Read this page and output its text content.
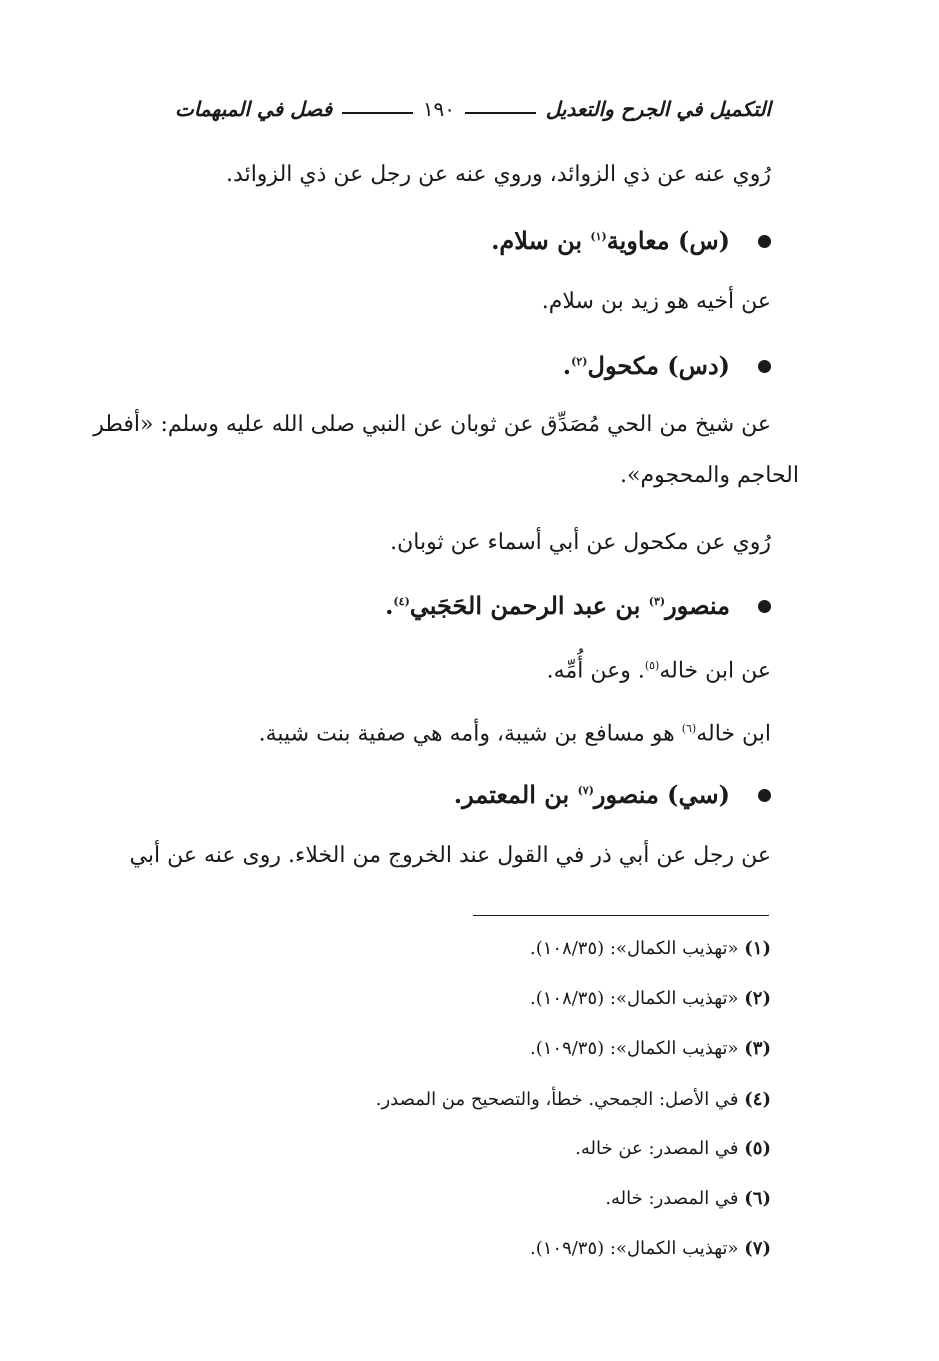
التكميل في الجرح والتعديل
١٩٠
فصل في المبهمات
رُوي عنه عن ذي الزوائد، وروي عنه عن رجل عن ذي الزوائد.
(س) معاوية$^{(١)}$ بن سلام.
عن أخيه هو زيد بن سلام.
(دس) مكحول$^{(٢)}$.
عن شيخ من الحي مُصَدِّق عن ثوبان عن النبي صلى الله عليه وسلم: «أفطر
الحاجم والمحجوم».
رُوي عن مكحول عن أبي أسماء عن ثوبان.
منصور$^{(٣)}$ بن عبد الرحمن الحَجَبي$^{(٤)}$.
عن ابن خاله$^{(٥)}$. وعن أُمِّه.
ابن خاله$^{(٦)}$ هو مسافع بن شيبة، وأمه هي صفية بنت شيبة.
(سي) منصور$^{(٧)}$ بن المعتمر.
عن رجل عن أبي ذر في القول عند الخروج من الخلاء. روى عنه عن أبي
(١) «تهذيب الكمال»: (١٠٨/٣٥).
(٢) «تهذيب الكمال»: (١٠٨/٣٥).
(٣) «تهذيب الكمال»: (١٠٩/٣٥).
(٤) في الأصل: الجمحي. خطأ، والتصحيح من المصدر.
(٥) في المصدر: عن خاله.
(٦) في المصدر: خاله.
(٧) «تهذيب الكمال»: (١٠٩/٣٥).
